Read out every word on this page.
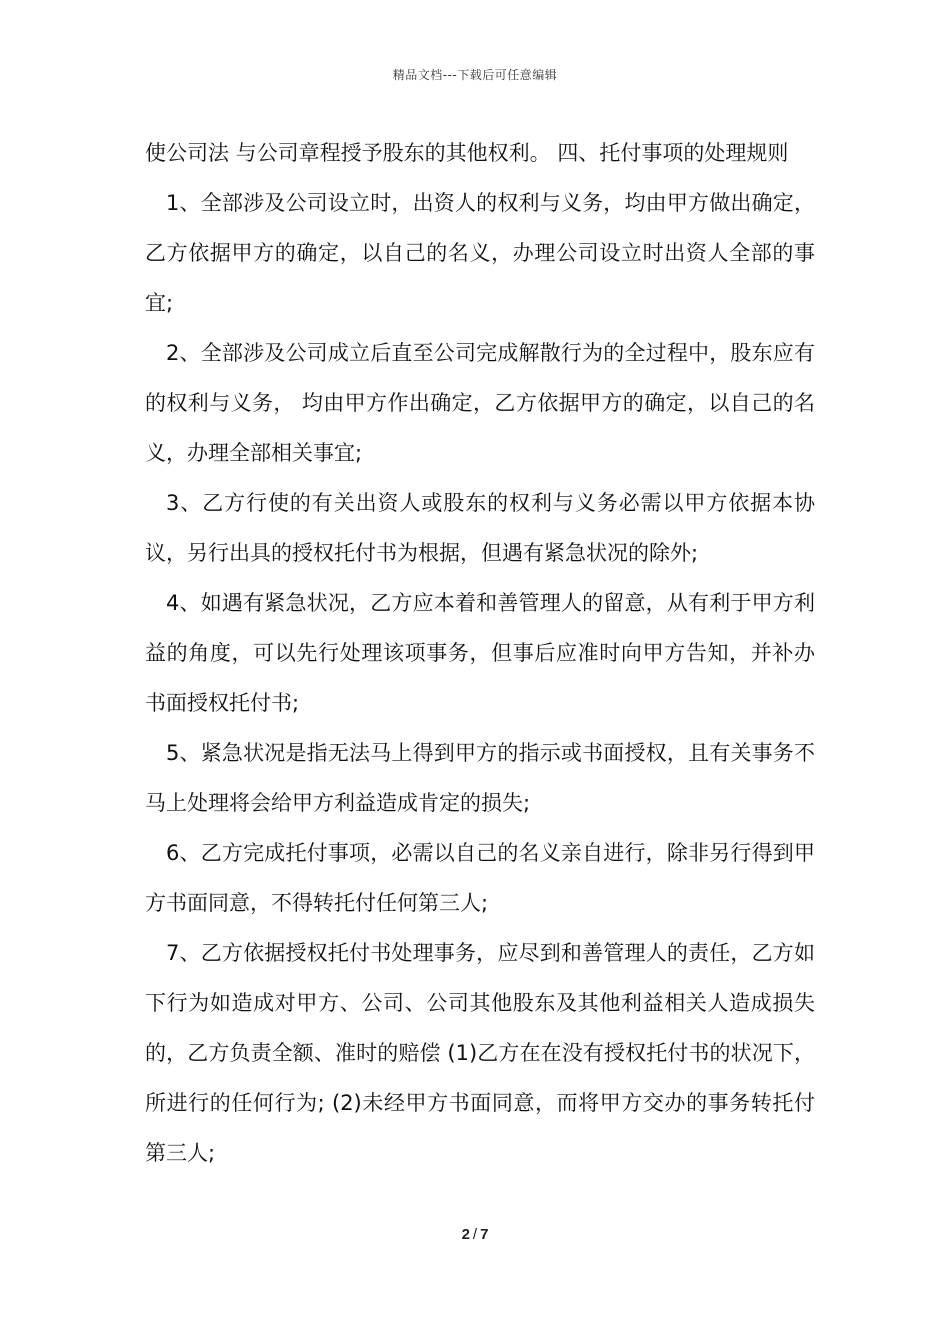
精品文档---下载后可任意编辑

使公司法 与公司章程授予股东的其他权利。 四、托付事项的处理规则

1、全部涉及公司设立时，出资人的权利与义务，均由甲方做出确定，乙方依据甲方的确定，以自己的名义，办理公司设立时出资人全部的事宜;

2、全部涉及公司成立后直至公司完成解散行为的全过程中，股东应有的权利与义务， 均由甲方作出确定，乙方依据甲方的确定，以自己的名义，办理全部相关事宜;

3、乙方行使的有关出资人或股东的权利与义务必需以甲方依据本协议，另行出具的授权托付书为根据，但遇有紧急状况的除外;

4、如遇有紧急状况，乙方应本着和善管理人的留意，从有利于甲方利益的角度，可以先行处理该项事务，但事后应准时向甲方告知，并补办书面授权托付书;

5、紧急状况是指无法马上得到甲方的指示或书面授权，且有关事务不马上处理将会给甲方利益造成肯定的损失;

6、乙方完成托付事项，必需以自己的名义亲自进行，除非另行得到甲方书面同意，不得转托付任何第三人;

7、乙方依据授权托付书处理事务，应尽到和善管理人的责任，乙方如下行为如造成对甲方、公司、公司其他股东及其他利益相关人造成损失的，乙方负责全额、准时的赔偿 (1)乙方在在没有授权托付书的状况下，所进行的任何行为; (2)未经甲方书面同意，而将甲方交办的事务转托付第三人;

2 / 7
